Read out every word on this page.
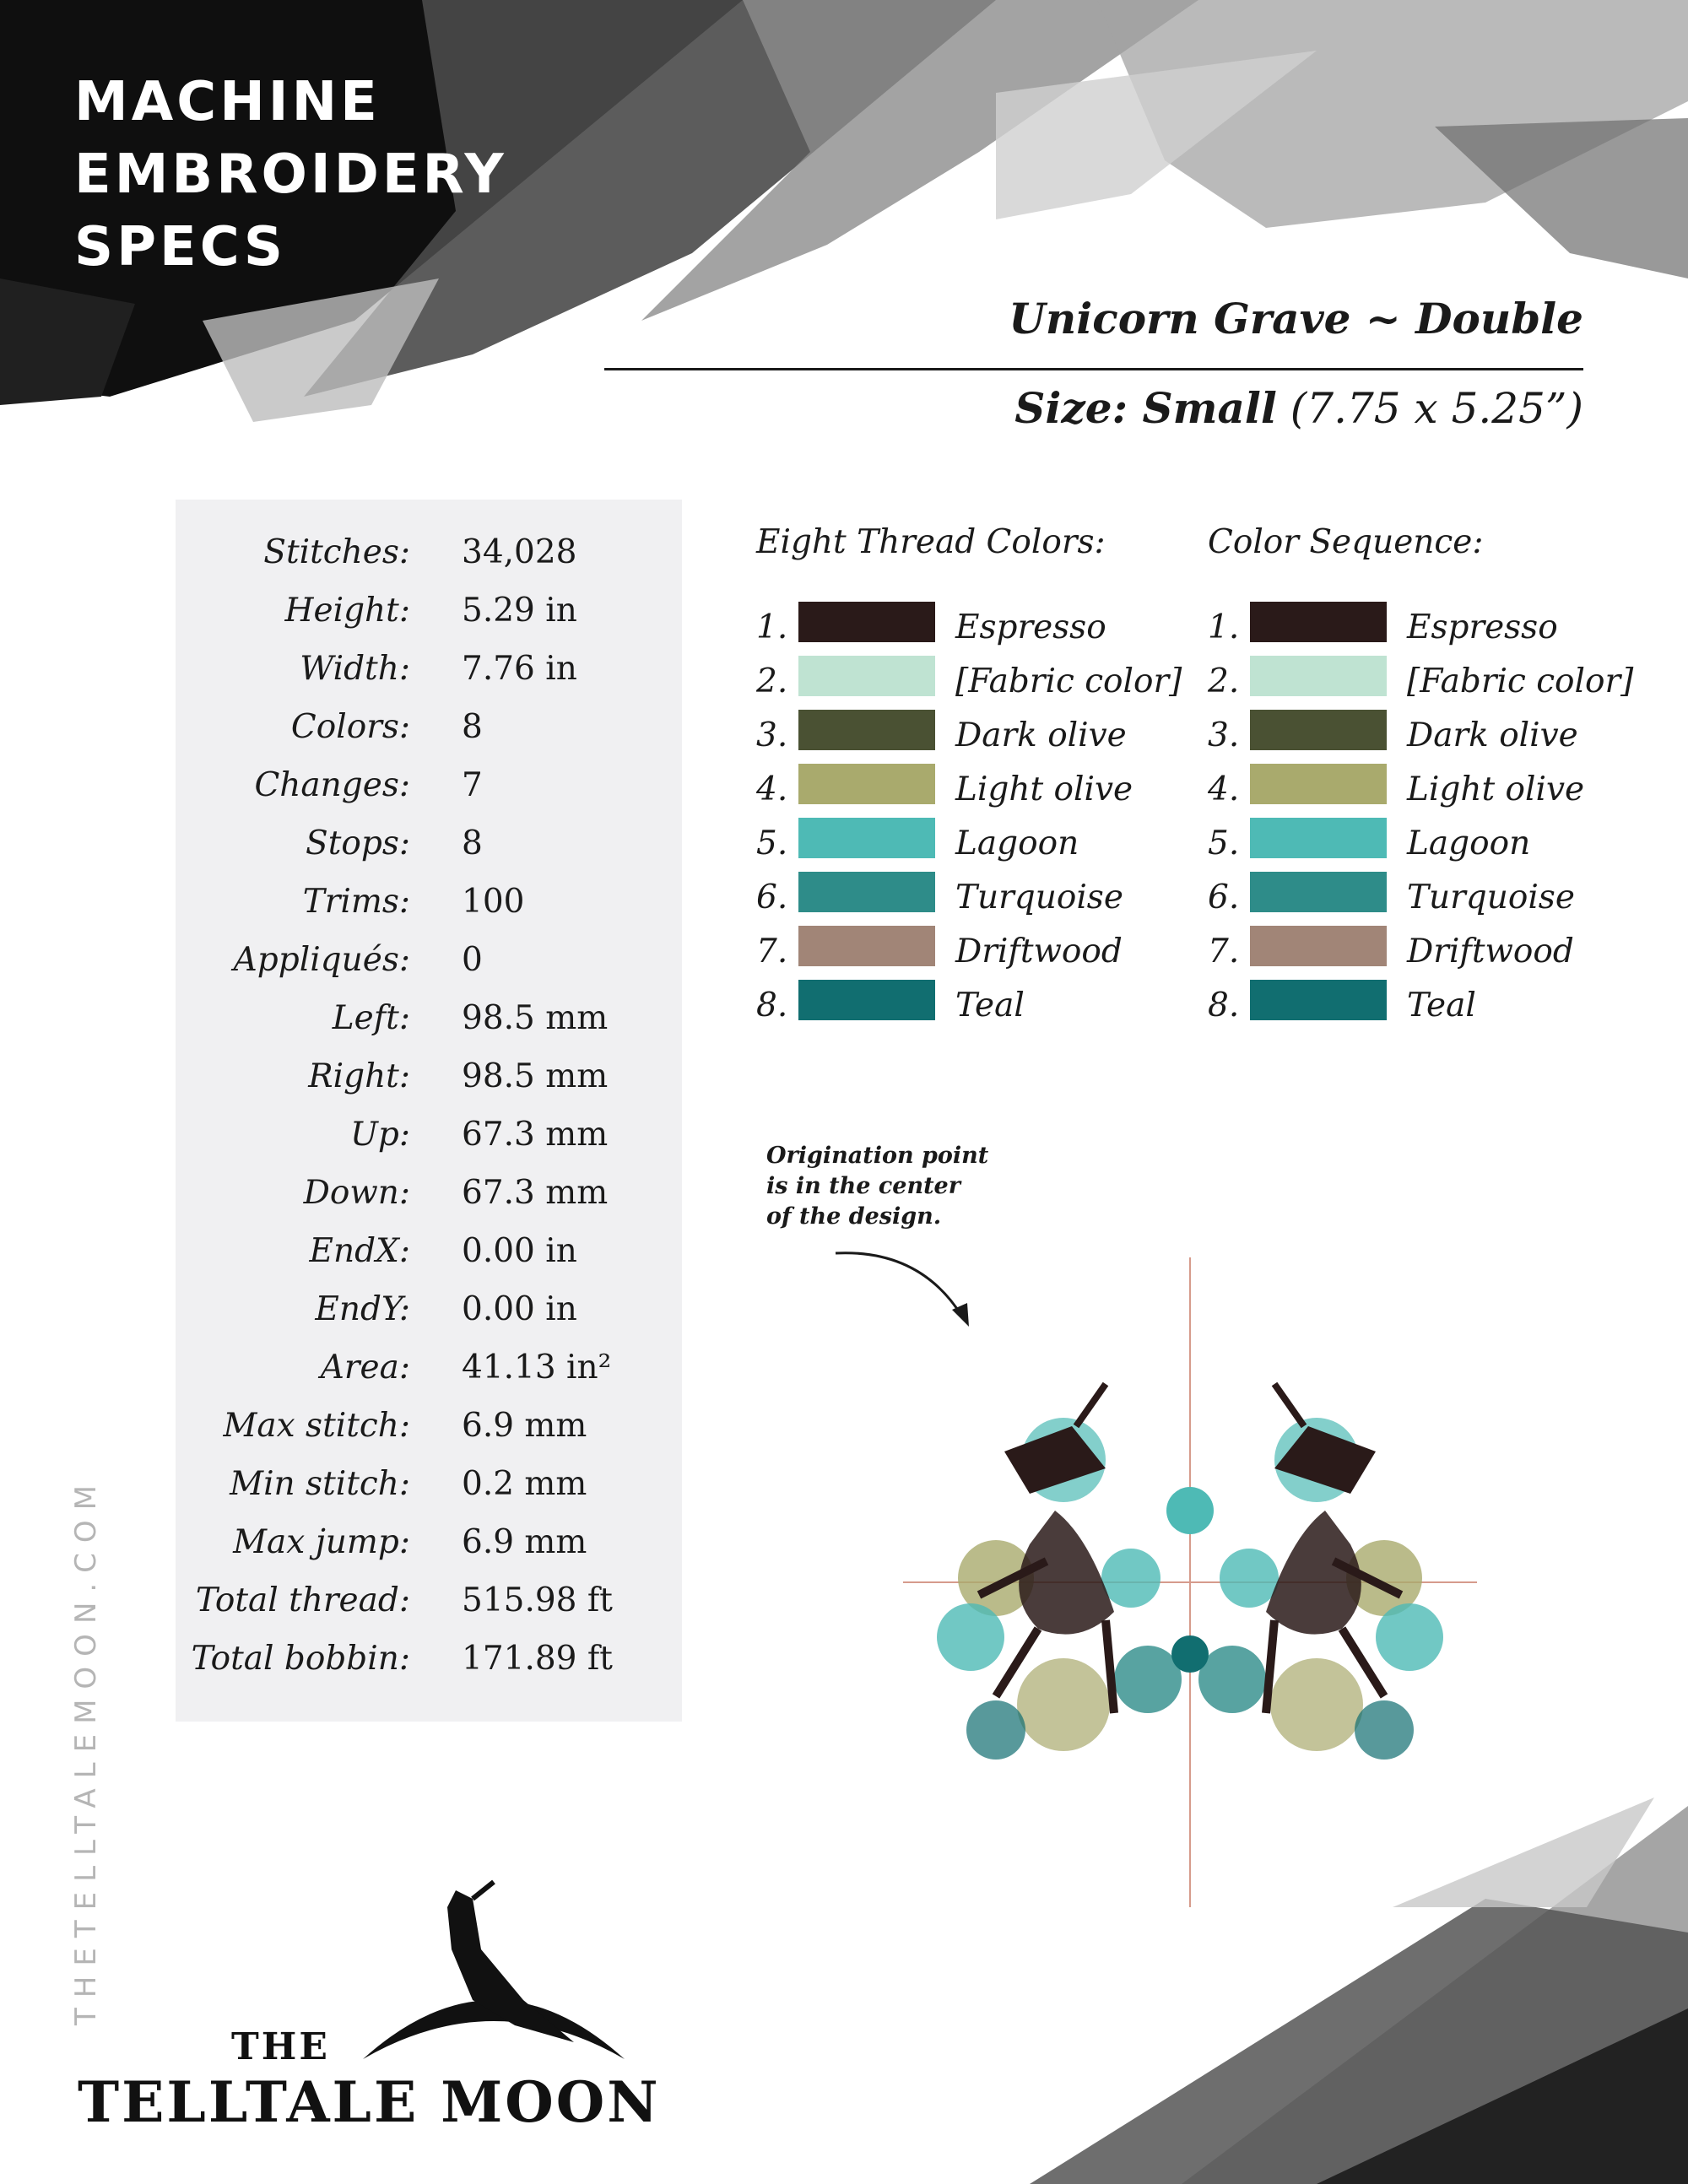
MACHINE
EMBROIDERY
SPECS
Unicorn Grave ~ Double
Size: Small (7.75 x 5.25”)
Stitches: 34,028
Height: 5.29 in
Width: 7.76 in
Colors: 8
Changes: 7
Stops: 8
Trims: 100
Appliqués: 0
Left: 98.5 mm
Right: 98.5 mm
Up: 67.3 mm
Down: 67.3 mm
EndX: 0.00 in
EndY: 0.00 in
Area: 41.13 in²
Max stitch: 6.9 mm
Min stitch: 0.2 mm
Max jump: 6.9 mm
Total thread: 515.98 ft
Total bobbin: 171.89 ft
Eight Thread Colors:
1.	Espresso
2.	[Fabric color]
3.	Dark olive
4.	Light olive
5.	Lagoon
6.	Turquoise
7.	Driftwood
8.	Teal
Color Sequence:
1.	Espresso
2.	[Fabric color]
3.	Dark olive
4.	Light olive
5.	Lagoon
6.	Turquoise
7.	Driftwood
8.	Teal
Origination point
is in the center
of the design.
THETELLTALEMOON.COM
THE
TELLTALE MOON
